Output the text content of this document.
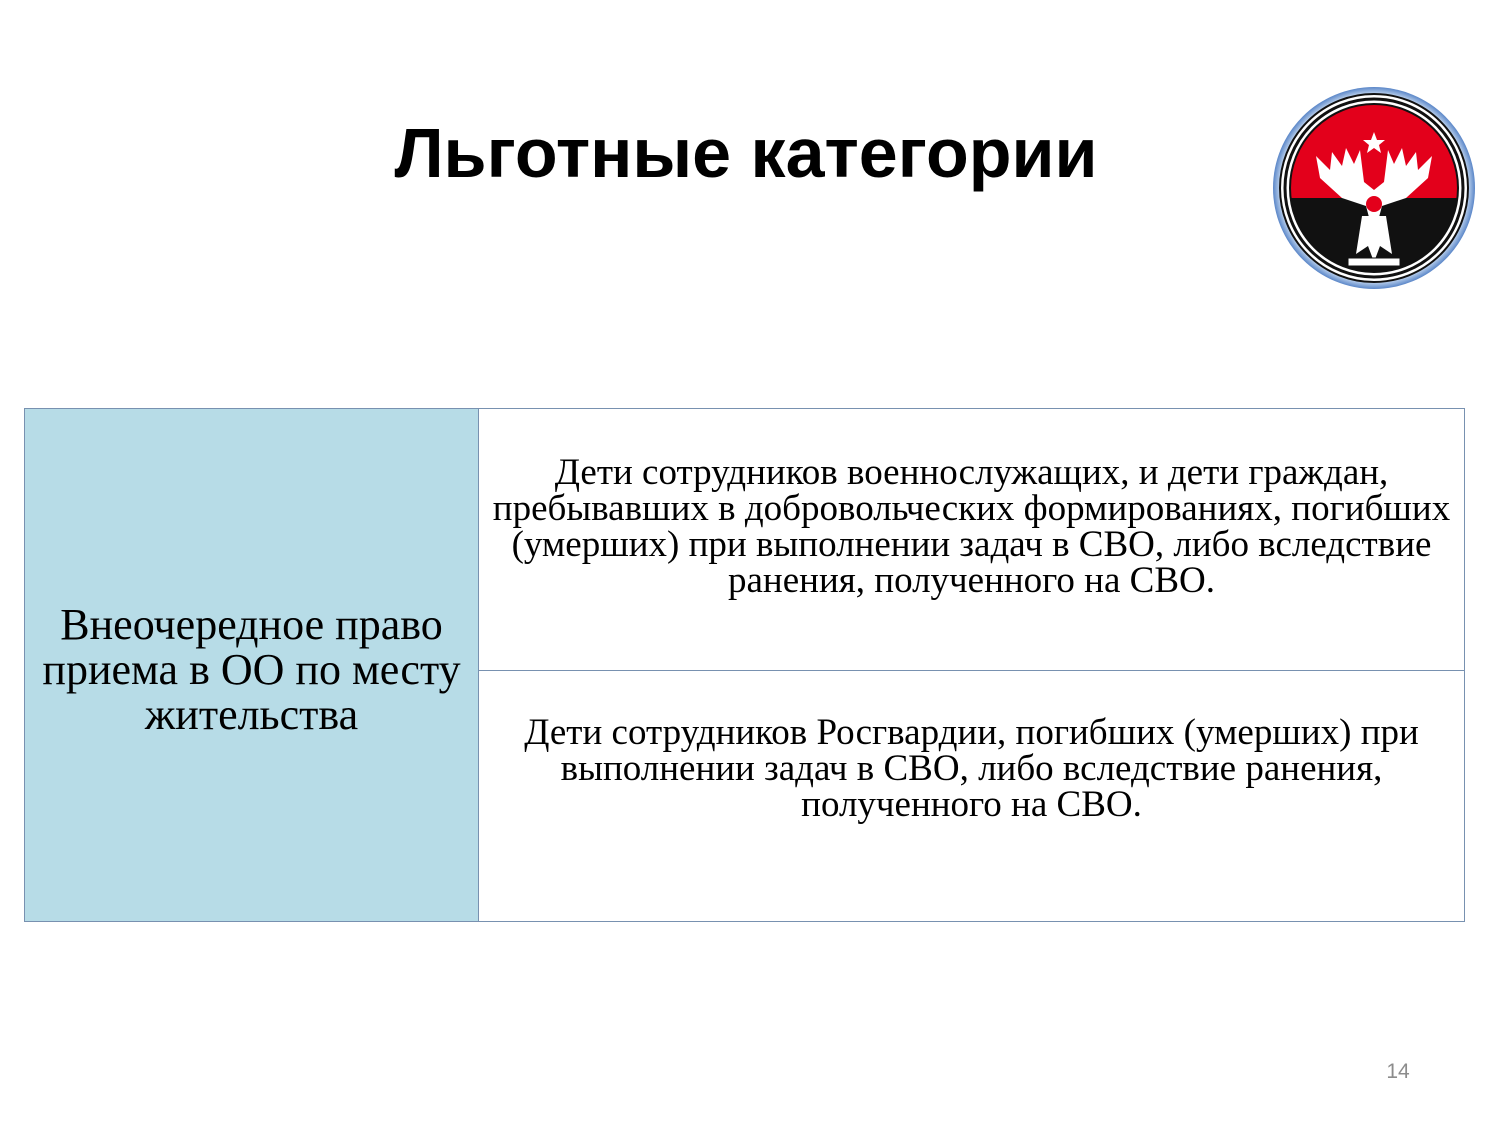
Льготные категории
Внеочередное право приема в ОО по месту жительства
Дети сотрудников военнослужащих, и дети граждан, пребывавших в добровольческих формированиях, погибших (умерших) при выполнении задач в СВО, либо вследствие ранения, полученного на СВО.
Дети сотрудников Росгвардии, погибших (умерших) при выполнении задач в СВО, либо вследствие ранения, полученного на СВО.
14
